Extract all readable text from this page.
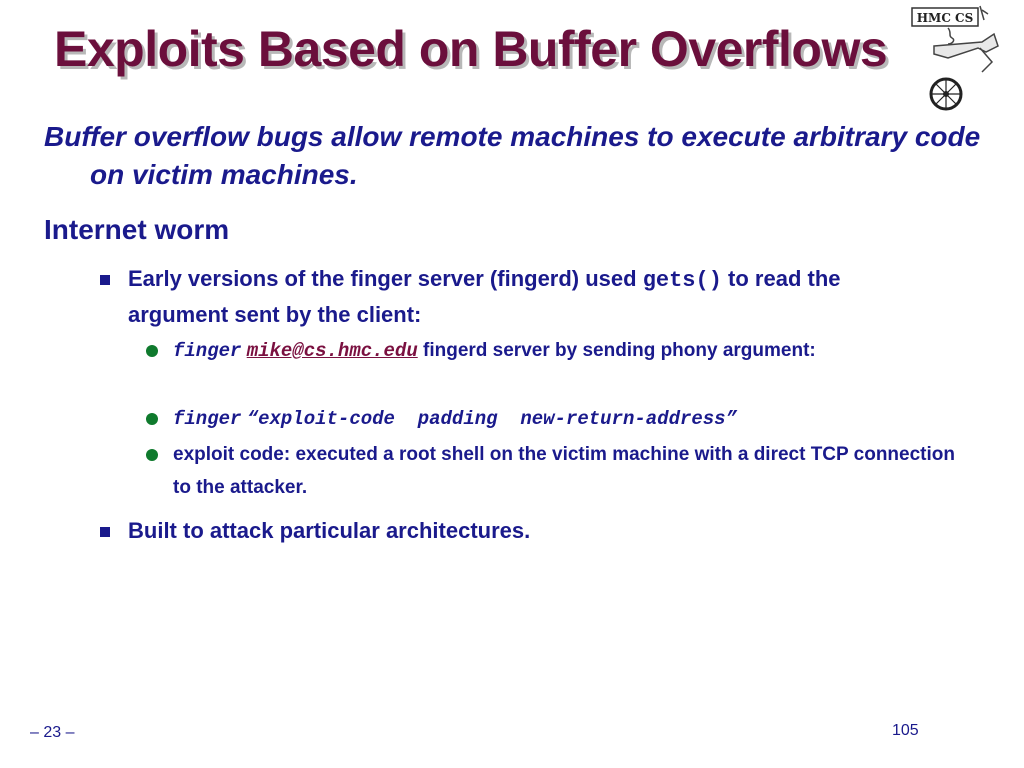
Exploits Based on Buffer Overflows
HMC CS

Buffer overflow bugs allow remote machines to execute arbitrary code on victim machines.

Internet worm
Early versions of the finger server (fingerd) used gets() to read the argument sent by the client:
finger mike@cs.hmc.edu fingerd server by sending phony argument:
finger “exploit-code  padding  new-return-address”
exploit code: executed a root shell on the victim machine with a direct TCP connection to the attacker.
Built to attack particular architectures.
– 23 –	105
